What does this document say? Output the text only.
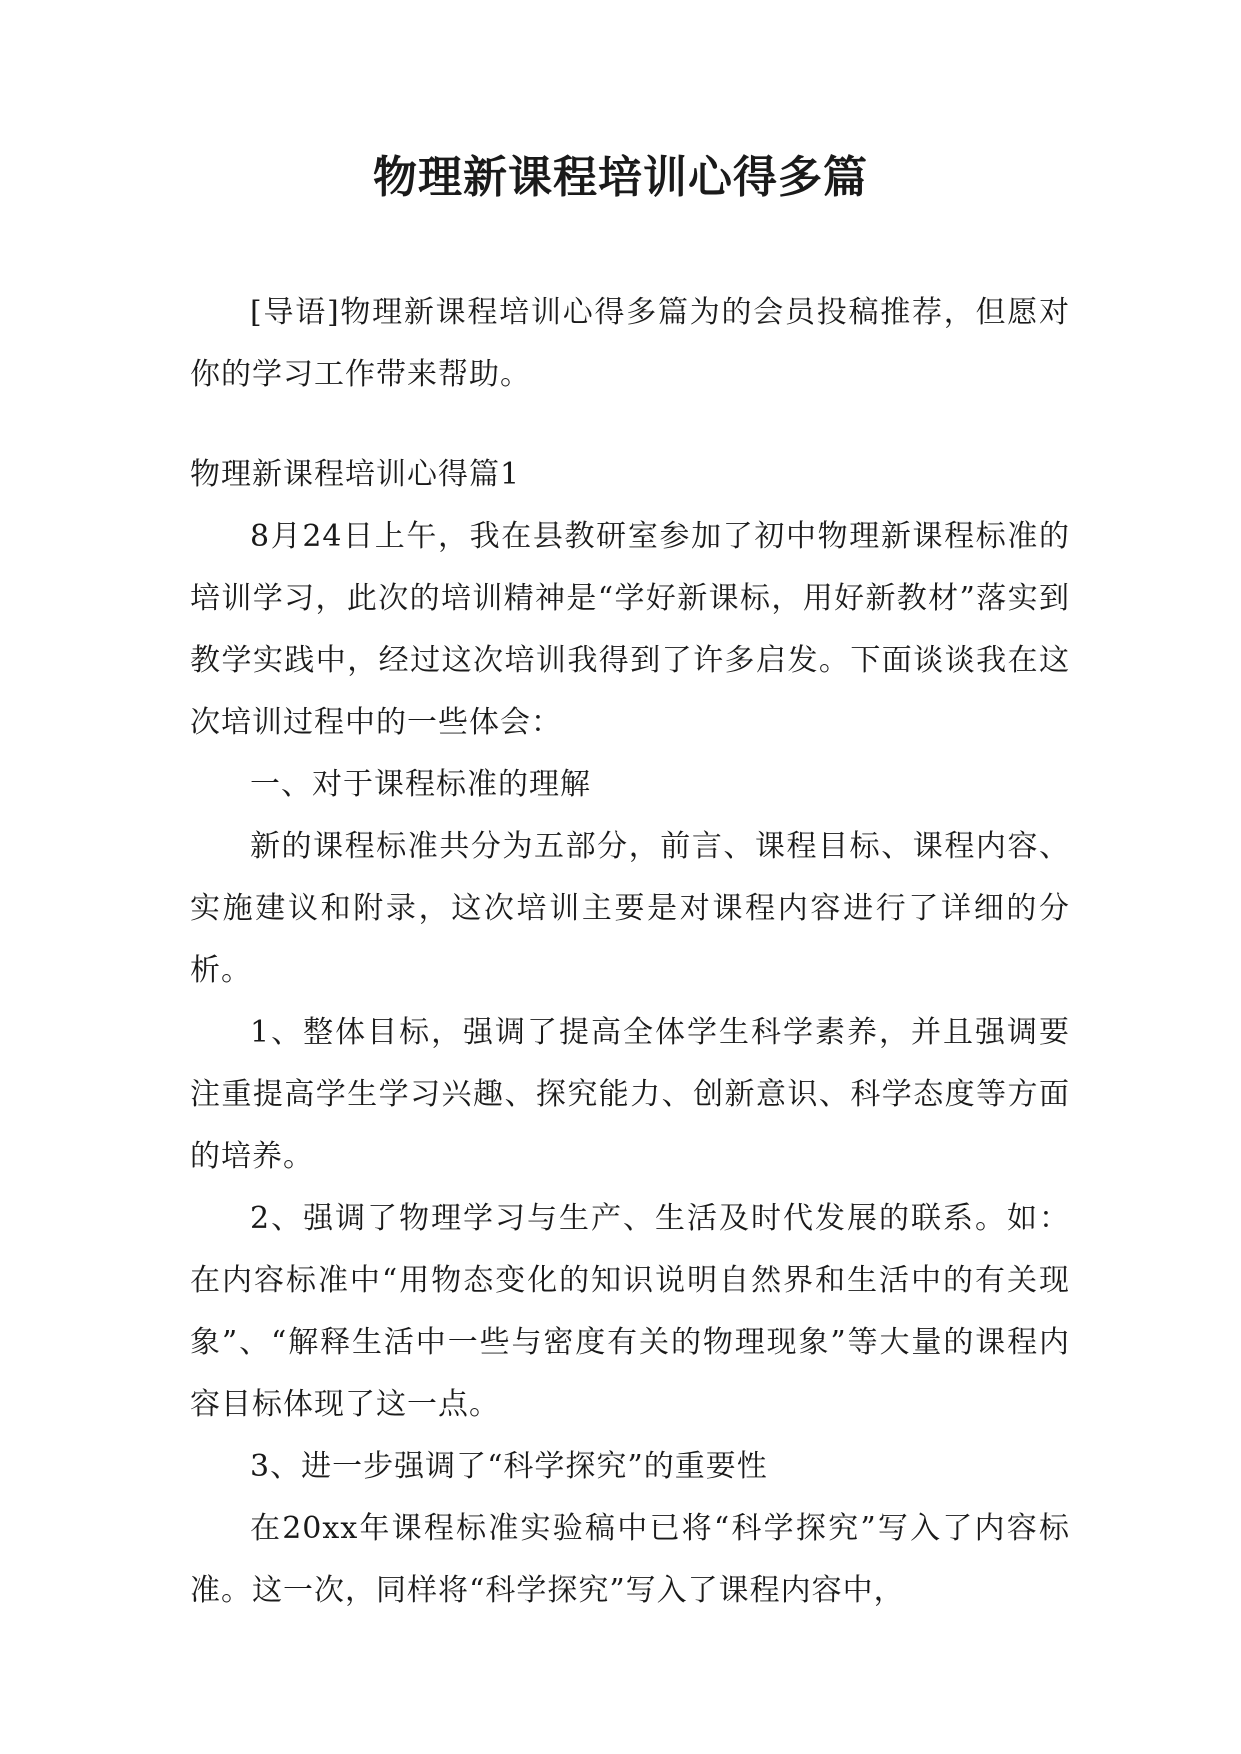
物理新课程培训心得多篇

[导语]物理新课程培训心得多篇为的会员投稿推荐，但愿对你的学习工作带来帮助。

物理新课程培训心得篇1

8月24日上午，我在县教研室参加了初中物理新课程标准的培训学习，此次的培训精神是“学好新课标，用好新教材”落实到教学实践中，经过这次培训我得到了许多启发。下面谈谈我在这次培训过程中的一些体会：

一、对于课程标准的理解

新的课程标准共分为五部分，前言、课程目标、课程内容、实施建议和附录，这次培训主要是对课程内容进行了详细的分析。

1、整体目标，强调了提高全体学生科学素养，并且强调要注重提高学生学习兴趣、探究能力、创新意识、科学态度等方面的培养。

2、强调了物理学习与生产、生活及时代发展的联系。如：在内容标准中“用物态变化的知识说明自然界和生活中的有关现象”、“解释生活中一些与密度有关的物理现象”等大量的课程内容目标体现了这一点。

3、进一步强调了“科学探究”的重要性

在20xx年课程标准实验稿中已将“科学探究”写入了内容标准。这一次，同样将“科学探究”写入了课程内容中，
